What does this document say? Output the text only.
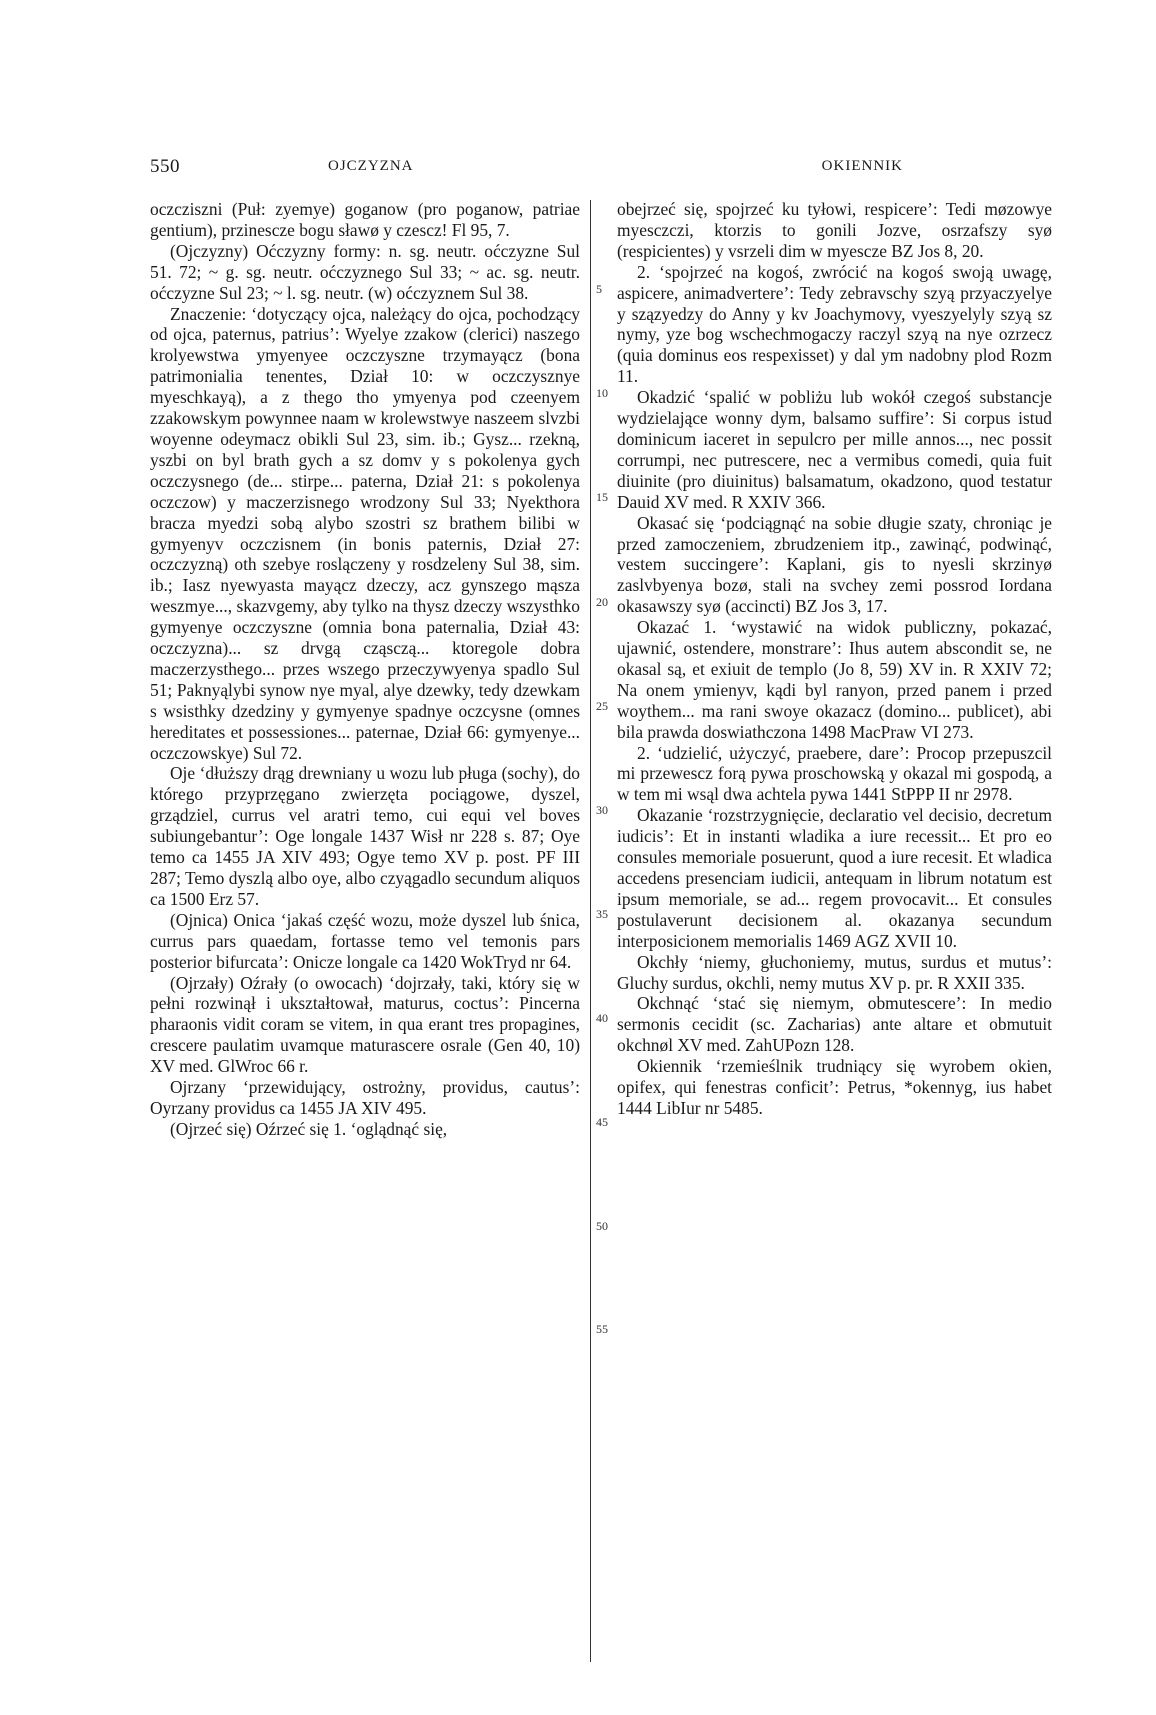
550	OJCZYZNA	OKIENNIK
5
10
15
20
25
30
35
40
45
50
55

oczcziszni (Puł: zyemye) goganow (pro poganow, patriae gentium), przinescze bogu sławø y czescz! Fl 95, 7.

(Ojczyzny) Oćczyzny formy: n. sg. neutr. oćczyzne Sul 51. 72; ~ g. sg. neutr. oćczyznego Sul 33; ~ ac. sg. neutr. oćczyzne Sul 23; ~ l. sg. neutr. (w) oćczyznem Sul 38.

Znaczenie: ‘dotyczący ojca, należący do ojca, pochodzący od ojca, paternus, patrius’: Wyelye zzakow (clerici) naszego krolyewstwa ymyenyee oczczyszne trzymayącz (bona patrimonialia tenentes, Dział 10: w oczczysznye myeschkayą), a z thego tho ymyenya pod czeenyem zzakowskym powynnee naam w krolewstwye naszeem slvzbi woyenne odeymacz obikli Sul 23, sim. ib.; Gysz... rzekną, yszbi on byl brath gych a sz domv y s pokolenya gych oczczysnego (de... stirpe... paterna, Dział 21: s pokolenya oczczow) y maczerzisnego wrodzony Sul 33; Nyekthora bracza myedzi sobą alybo szostri sz brathem bilibi w gymyenyv oczczisnem (in bonis paternis, Dział 27: oczczyzną) oth szebye roslączeny y rosdzeleny Sul 38, sim. ib.; Iasz nyewyasta mayącz dzeczy, acz gynszego mąsza weszmye..., skazvgemy, aby tylko na thysz dzeczy wszysthko gymyenye oczczyszne (omnia bona paternalia, Dział 43: oczczyzna)... sz drvgą cząsczą... ktoregole dobra maczerzysthego... przes wszego przeczywyenya spadlo Sul 51; Paknyąlybi synow nye myal, alye dzewky, tedy dzewkam s wsisthky dzedziny y gymyenye spadnye oczcysne (omnes hereditates et possessiones... paternae, Dział 66: gymyenye... oczczowskye) Sul 72.

Oje ‘dłuższy drąg drewniany u wozu lub pługa (sochy), do którego przyprzęgano zwierzęta pociągowe, dyszel, grządziel, currus vel aratri temo, cui equi vel boves subiungebantur’: Oge longale 1437 Wisł nr 228 s. 87; Oye temo ca 1455 JA XIV 493; Ogye temo XV p. post. PF III 287; Temo dyszlą albo oye, albo czyągadlo secundum aliquos ca 1500 Erz 57.

(Ojnica) Onica ‘jakaś część wozu, może dyszel lub śnica, currus pars quaedam, fortasse temo vel temonis pars posterior bifurcata’: Onicze longale ca 1420 WokTryd nr 64.

(Ojrzały) Oźrały (o owocach) ‘dojrzały, taki, który się w pełni rozwinął i ukształtował, maturus, coctus’: Pincerna pharaonis vidit coram se vitem, in qua erant tres propagines, crescere paulatim uvamque maturascere osrale (Gen 40, 10) XV med. GlWroc 66 r.

Ojrzany ‘przewidujący, ostrożny, providus, cautus’: Oyrzany providus ca 1455 JA XIV 495.

(Ojrzeć się) Oźrzeć się 1. ‘oglądnąć się,

obejrzeć się, spojrzeć ku tyłowi, respicere’: Tedi møzowye myesczczi, ktorzis to gonili Jozve, osrzafszy syø (respicientes) y vsrzeli dim w myescze BZ Jos 8, 20.

2. ‘spojrzeć na kogoś, zwrócić na kogoś swoją uwagę, aspicere, animadvertere’: Tedy zebravschy szyą przyaczyelye y szązyedzy do Anny y kv Joachymovy, vyeszyelyly szyą sz nymy, yze bog wschechmogaczy raczyl szyą na nye ozrzecz (quia dominus eos respexisset) y dal ym nadobny plod Rozm 11.

Okadzić ‘spalić w pobliżu lub wokół czegoś substancje wydzielające wonny dym, balsamo suffire’: Si corpus istud dominicum iaceret in sepulcro per mille annos..., nec possit corrumpi, nec putrescere, nec a vermibus comedi, quia fuit diuinite (pro diuinitus) balsamatum, okadzono, quod testatur Dauid XV med. R XXIV 366.

Okasać się ‘podciągnąć na sobie długie szaty, chroniąc je przed zamoczeniem, zbrudzeniem itp., zawinąć, podwinąć, vestem succingere’: Kaplani, gis to nyesli skrzinyø zaslvbyenya bozø, stali na svchey zemi possrod Iordana okasawszy syø (accincti) BZ Jos 3, 17.

Okazać 1. ‘wystawić na widok publiczny, pokazać, ujawnić, ostendere, monstrare’: Ihus autem abscondit se, ne okasal są, et exiuit de templo (Jo 8, 59) XV in. R XXIV 72; Na onem ymienyv, kądi byl ranyon, przed panem i przed woythem... ma rani swoye okazacz (domino... publicet), abi bila prawda doswiathczona 1498 MacPraw VI 273.

2. ‘udzielić, użyczyć, praebere, dare’: Procop przepuszcil mi przewescz forą pywa proschowską y okazal mi gospodą, a w tem mi wsąl dwa achtela pywa 1441 StPPP II nr 2978.

Okazanie ‘rozstrzygnięcie, declaratio vel decisio, decretum iudicis’: Et in instanti wladika a iure recessit... Et pro eo consules memoriale posuerunt, quod a iure recesit. Et wladica accedens presenciam iudicii, antequam in librum notatum est ipsum memoriale, se ad... regem provocavit... Et consules postulaverunt decisionem al. okazanya secundum interposicionem memorialis 1469 AGZ XVII 10.

Okchły ‘niemy, głuchoniemy, mutus, surdus et mutus’: Gluchy surdus, okchli, nemy mutus XV p. pr. R XXII 335.

Okchnąć ‘stać się niemym, obmutescere’: In medio sermonis cecidit (sc. Zacharias) ante altare et obmutuit okchnøl XV med. ZahUPozn 128.

Okiennik ‘rzemieślnik trudniący się wyrobem okien, opifex, qui fenestras conficit’: Petrus, *okennyg, ius habet 1444 LibIur nr 5485.
